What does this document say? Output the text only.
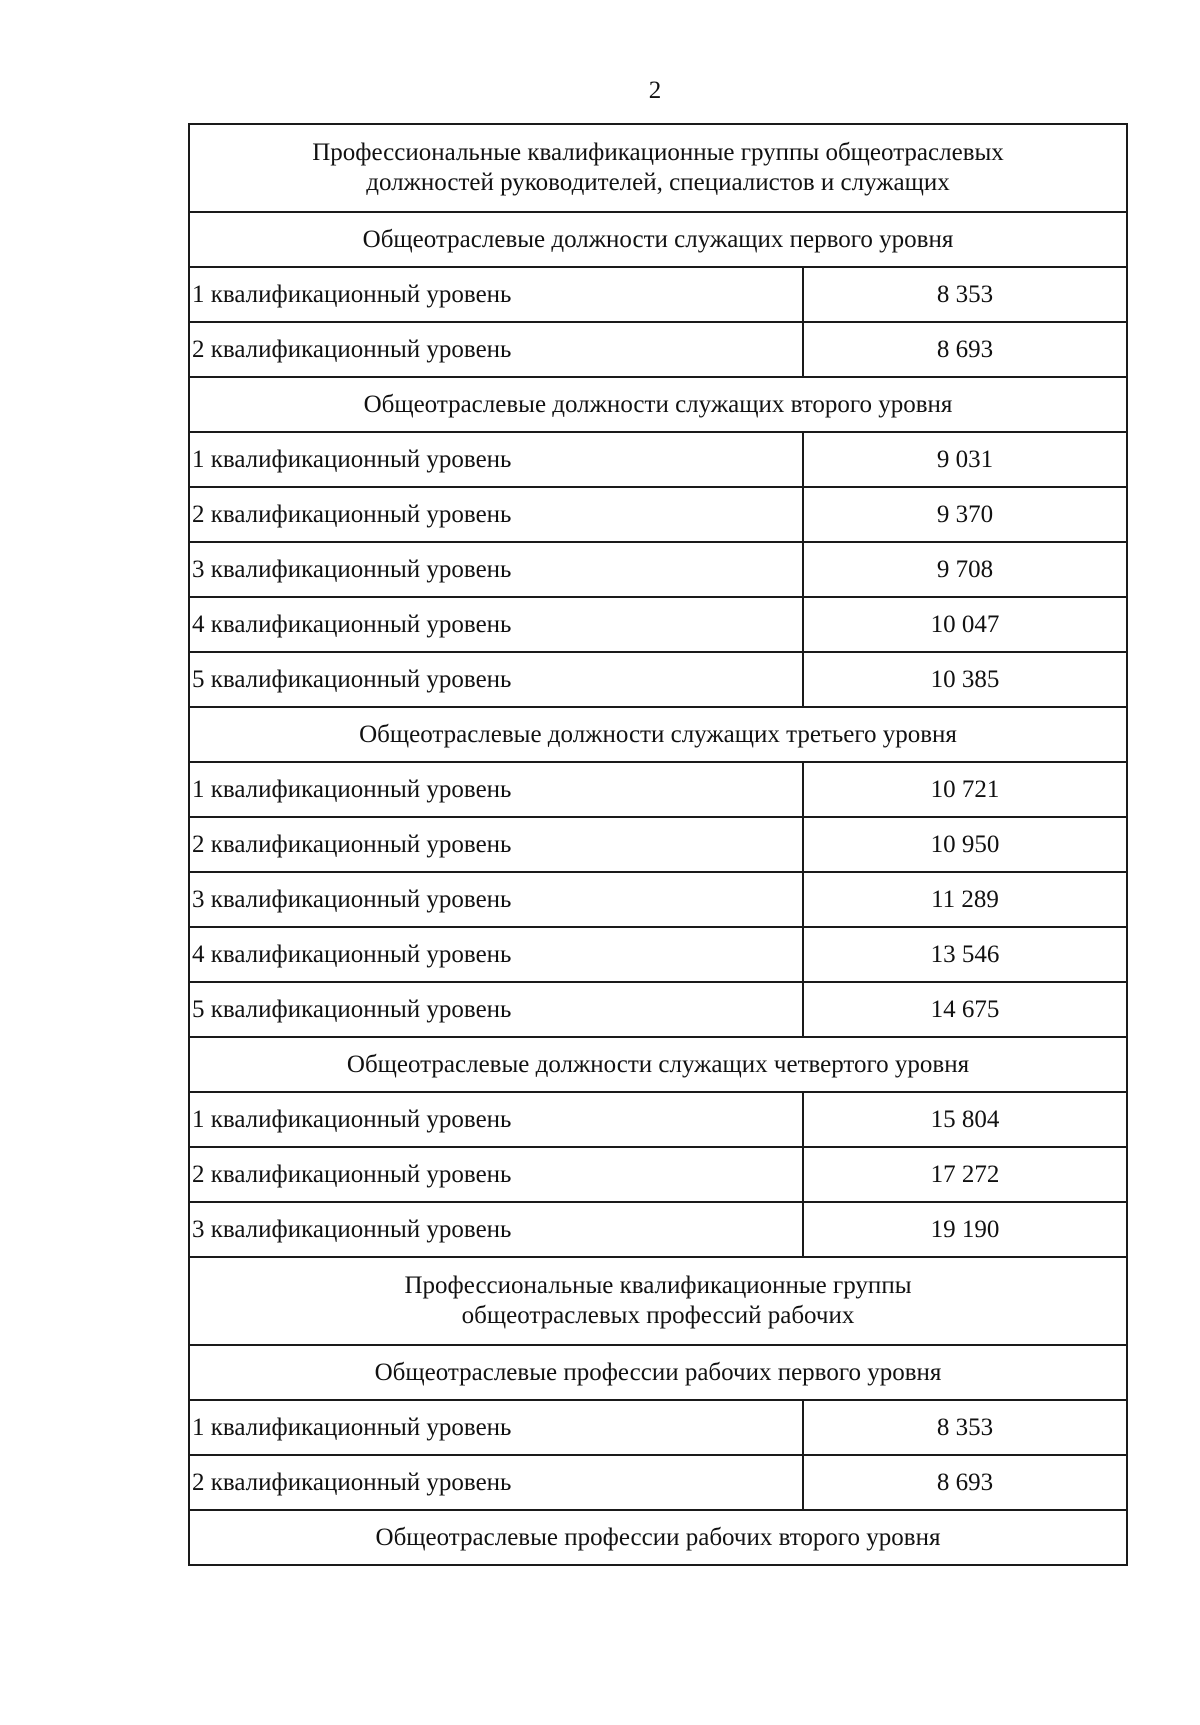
2
Профессиональные квалификационные группы общеотраслевых
должностей руководителей, специалистов и служащих	

Общеотраслевые должности служащих первого уровня	
1 квалификационный уровень	8 353
2 квалификационный уровень	8 693
Общеотраслевые должности служащих второго уровня	
1 квалификационный уровень	9 031
2 квалификационный уровень	9 370
3 квалификационный уровень	9 708
4 квалификационный уровень	10 047
5 квалификационный уровень	10 385
Общеотраслевые должности служащих третьего уровня	
1 квалификационный уровень	10 721
2 квалификационный уровень	10 950
3 квалификационный уровень	11 289
4 квалификационный уровень	13 546
5 квалификационный уровень	14 675
Общеотраслевые должности служащих четвертого уровня	
1 квалификационный уровень	15 804
2 квалификационный уровень	17 272
3 квалификационный уровень	19 190

Профессиональные квалификационные группы
общеотраслевых профессий рабочих	

Общеотраслевые профессии рабочих первого уровня	
1 квалификационный уровень	8 353
2 квалификационный уровень	8 693
Общеотраслевые профессии рабочих второго уровня	
